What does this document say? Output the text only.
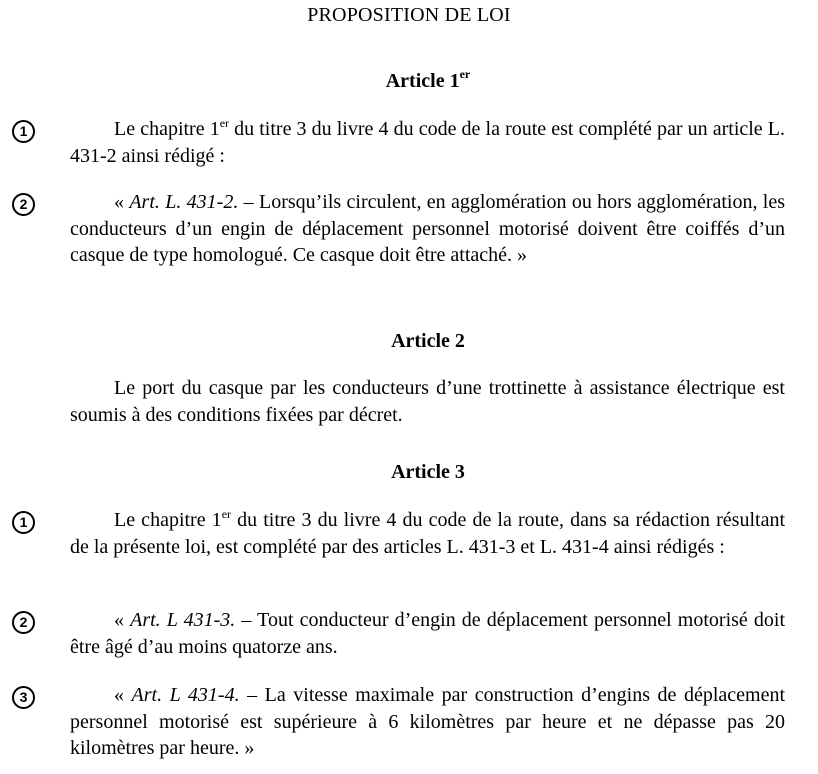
PROPOSITION DE LOI
Article 1er
1	Le chapitre 1er du titre 3 du livre 4 du code de la route est complété par un article L. 431-2 ainsi rédigé :

2	« Art. L. 431-2. – Lorsqu’ils circulent, en agglomération ou hors agglomération, les conducteurs d’un engin de déplacement personnel motorisé doivent être coiffés d’un casque de type homologué. Ce casque doit être attaché. »

Article 2

Le port du casque par les conducteurs d’une trottinette à assistance électrique est soumis à des conditions fixées par décret.

Article 3
1	Le chapitre 1er du titre 3 du livre 4 du code de la route, dans sa rédaction résultant de la présente loi, est complété par des articles L. 431-3 et L. 431-4 ainsi rédigés :

2	« Art. L 431-3. – Tout conducteur d’engin de déplacement personnel motorisé doit être âgé d’au moins quatorze ans.

3	« Art. L 431-4. – La vitesse maximale par construction d’engins de déplacement personnel motorisé est supérieure à 6 kilomètres par heure et ne dépasse pas 20 kilomètres par heure. »
